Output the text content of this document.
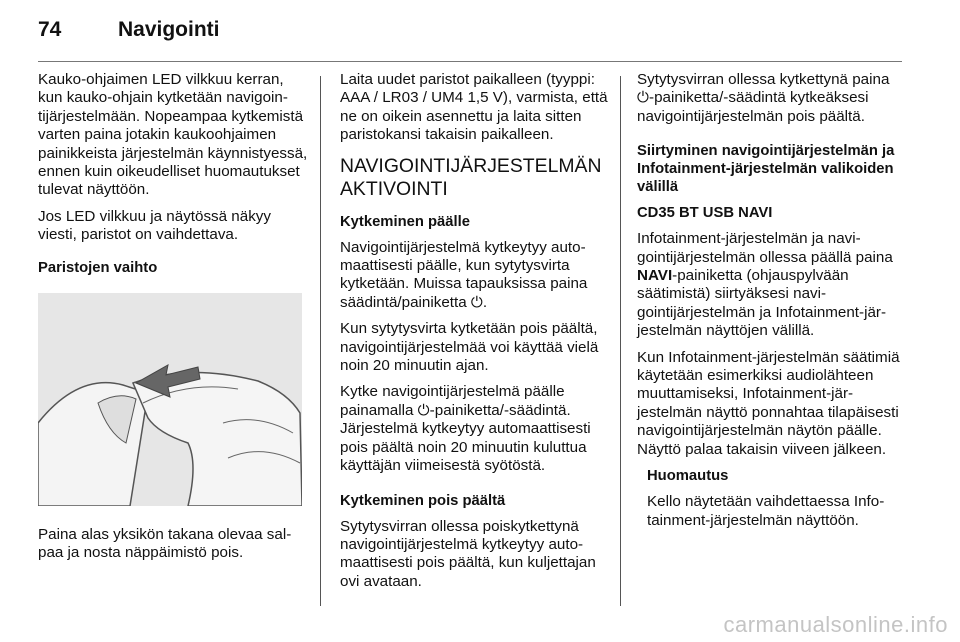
74	Navigointi

Kauko-ohjaimen LED vilkkuu kerran, kun kauko-ohjain kytketään navigointijärjestelmään. Nopeampaa kytkemistä varten paina jotakin kaukoohjaimen painikkeista järjestelmän käynnistyessä, ennen kuin oikeudelliset huomautukset tulevat näyttöön.

Jos LED vilkkuu ja näytössä näkyy viesti, paristot on vaihdettava.

Paristojen vaihto

Paina alas yksikön takana olevaa salpaa ja nosta näppäimistö pois.

Laita uudet paristot paikalleen (tyyppi: AAA / LR03 / UM4 1,5 V), varmista, että ne on oikein asennettu ja laita sitten paristokansi takaisin paikalleen.

NAVIGOINTIJÄRJESTELMÄN AKTIVOINTI

Kytkeminen päälle

Navigointijärjestelmä kytkeytyy automaattisesti päälle, kun sytytysvirta kytketään. Muissa tapauksissa paina säädintä/painiketta ⏻.

Kun sytytysvirta kytketään pois päältä, navigointijärjestelmää voi käyttää vielä noin 20 minuutin ajan.

Kytke navigointijärjestelmä päälle painamalla ⏻-painiketta/-säädintä. Järjestelmä kytkeytyy automaattisesti pois päältä noin 20 minuutin kuluttua käyttäjän viimeisestä syötöstä.

Kytkeminen pois päältä

Sytytysvirran ollessa poiskytkettynä navigointijärjestelmä kytkeytyy automaattisesti pois päältä, kun kuljettajan ovi avataan.

Sytytysvirran ollessa kytkettynä paina ⏻-painiketta/-säädintä kytkeäksesi navigointijärjestelmän pois päältä.

Siirtyminen navigointijärjestelmän ja Infotainment-järjestelmän valikoiden välillä

CD35 BT USB NAVI

Infotainment-järjestelmän ja navigointijärjestelmän ollessa päällä paina NAVI-painiketta (ohjauspylvään säätimistä) siirtyäksesi navigointijärjestelmän ja Infotainment-järjestelmän näyttöjen välillä.

Kun Infotainment-järjestelmän säätimiä käytetään esimerkiksi audiolähteen muuttamiseksi, Infotainment-järjestelmän näyttö ponnahtaa tilapäisesti navigointijärjestelmän näytön päälle. Näyttö palaa takaisin viiveen jälkeen.

Huomautus

Kello näytetään vaihdettaessa Infotainment-järjestelmän näyttöön.

carmanualsonline.info
